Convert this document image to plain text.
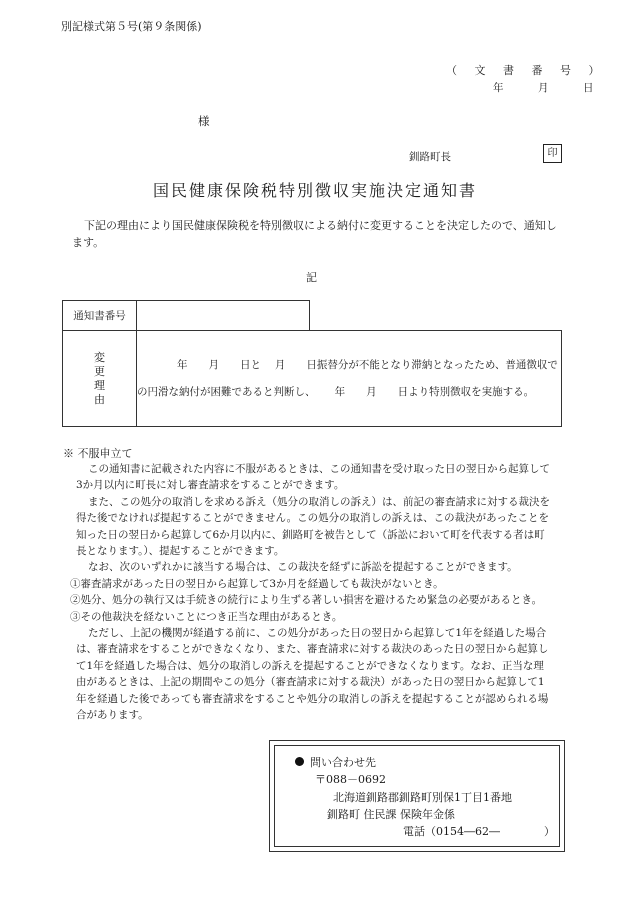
別記様式第５号(第９条関係)
（ 文 書 番 号 ）
年　月　日
様
釧路町長	印
国民健康保険税特別徴収実施決定通知書
下記の理由により国民健康保険税を特別徴収による納付に変更することを決定したので、通知します。
記
通知書番号		
変更理由	年　　月　　日と　 月　　日振替分が不能となり滞納となったため、普通徴収で
の円滑な納付が困難であると判断し、　　 年　　月　　日より特別徴収を実施する。	
※ 不服申立て

この通知書に記載された内容に不服があるときは、この通知書を受け取った日の翌日から起算して3か月以内に町長に対し審査請求をすることができます。

また、この処分の取消しを求める訴え（処分の取消しの訴え）は、前記の審査請求に対する裁決を得た後でなければ提起することができません。この処分の取消しの訴えは、この裁決があったことを知った日の翌日から起算して6か月以内に、釧路町を被告として（訴訟において町を代表する者は町長となります。）、提起することができます。

なお、次のいずれかに該当する場合は、この裁決を経ずに訴訟を提起することができます。

①審査請求があった日の翌日から起算して3か月を経過しても裁決がないとき。

②処分、処分の執行又は手続きの続行により生ずる著しい損害を避けるため緊急の必要があるとき。

③その他裁決を経ないことにつき正当な理由があるとき。

ただし、上記の機関が経過する前に、この処分があった日の翌日から起算して1年を経過した場合は、審査請求をすることができなくなり、また、審査請求に対する裁決のあった日の翌日から起算して1年を経過した場合は、処分の取消しの訴えを提起することができなくなります。なお、正当な理由があるときは、上記の期間やこの処分（審査請求に対する裁決）があった日の翌日から起算して1年を経過した後であっても審査請求をすることや処分の取消しの訴えを提起することが認められる場合があります。

問い合わせ先
〒088－0692
北海道釧路郡釧路町別保1丁目1番地
釧路町 住民課 保険年金係
電話（0154―62―　　　　）
